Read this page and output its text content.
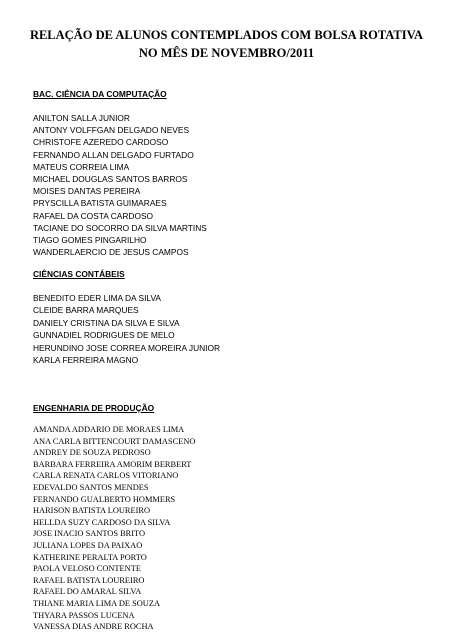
RELAÇÃO DE ALUNOS CONTEMPLADOS COM BOLSA ROTATIVA
NO MÊS DE NOVEMBRO/2011
BAC. CIÊNCIA DA COMPUTAÇÃO
ANILTON SALLA JUNIOR
ANTONY VOLFFGAN DELGADO NEVES
CHRISTOFE AZEREDO CARDOSO
FERNANDO ALLAN DELGADO FURTADO
MATEUS CORREIA LIMA
MICHAEL DOUGLAS SANTOS BARROS
MOISES DANTAS PEREIRA
PRYSCILLA BATISTA GUIMARAES
RAFAEL DA COSTA CARDOSO
TACIANE DO SOCORRO DA SILVA MARTINS
TIAGO GOMES PINGARILHO
WANDERLAERCIO DE JESUS CAMPOS
CIÊNCIAS CONTÁBEIS
BENEDITO EDER LIMA DA SILVA
CLEIDE BARRA MARQUES
DANIELY CRISTINA DA SILVA E SILVA
GUNNADIEL RODRIGUES DE MELO
HERUNDINO JOSE CORREA MOREIRA JUNIOR
KARLA FERREIRA MAGNO
ENGENHARIA DE PRODUÇÃO
AMANDA ADDARIO DE MORAES LIMA
ANA CARLA BITTENCOURT DAMASCENO
ANDREY DE SOUZA PEDROSO
BARBARA FERREIRA AMORIM BERBERT
CARLA RENATA CARLOS VITORIANO
EDEVALDO SANTOS MENDES
FERNANDO GUALBERTO HOMMERS
HARISON BATISTA LOUREIRO
HELLDA SUZY CARDOSO DA SILVA
JOSE INACIO SANTOS BRITO
JULIANA LOPES DA PAIXAO
KATHERINE PERALTA PORTO
PAOLA VELOSO CONTENTE
RAFAEL BATISTA LOUREIRO
RAFAEL DO AMARAL SILVA
THIANE MARIA LIMA DE SOUZA
THYARA PASSOS LUCENA
VANESSA DIAS ANDRE ROCHA
